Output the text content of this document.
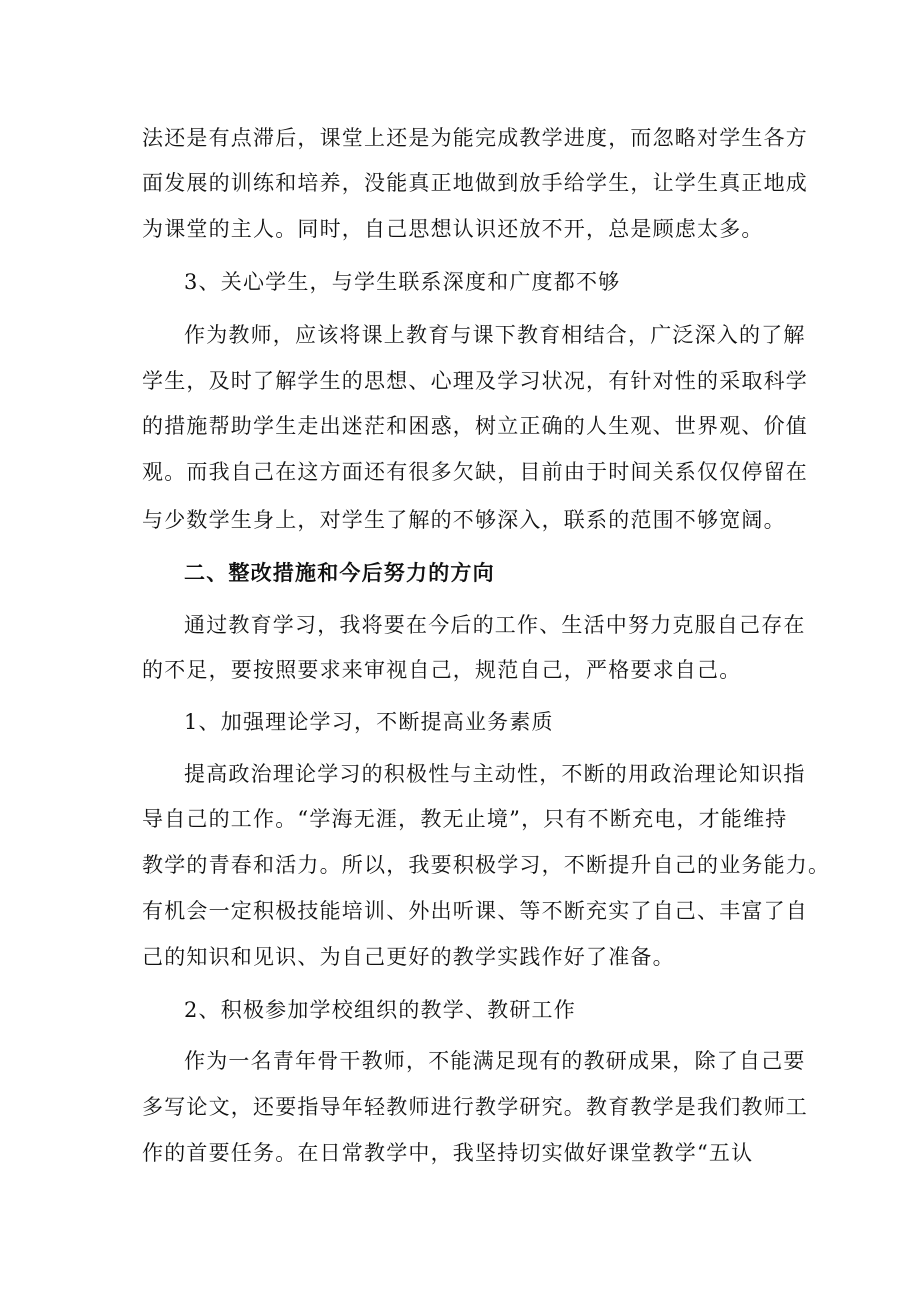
法还是有点滞后，课堂上还是为能完成教学进度，而忽略对学生各方
面发展的训练和培养，没能真正地做到放手给学生，让学生真正地成
为课堂的主人。同时，自己思想认识还放不开，总是顾虑太多。
3、关心学生，与学生联系深度和广度都不够
作为教师，应该将课上教育与课下教育相结合，广泛深入的了解
学生，及时了解学生的思想、心理及学习状况，有针对性的采取科学
的措施帮助学生走出迷茫和困惑，树立正确的人生观、世界观、价值
观。而我自己在这方面还有很多欠缺，目前由于时间关系仅仅停留在
与少数学生身上，对学生了解的不够深入，联系的范围不够宽阔。
二、整改措施和今后努力的方向
通过教育学习，我将要在今后的工作、生活中努力克服自己存在
的不足，要按照要求来审视自己，规范自己，严格要求自己。
1、加强理论学习，不断提高业务素质
提高政治理论学习的积极性与主动性，不断的用政治理论知识指
导自己的工作。“学海无涯，教无止境”，只有不断充电，才能维持
教学的青春和活力。所以，我要积极学习，不断提升自己的业务能力。
有机会一定积极技能培训、外出听课、等不断充实了自己、丰富了自
己的知识和见识、为自己更好的教学实践作好了准备。
2、积极参加学校组织的教学、教研工作
作为一名青年骨干教师，不能满足现有的教研成果，除了自己要
多写论文，还要指导年轻教师进行教学研究。教育教学是我们教师工
作的首要任务。在日常教学中，我坚持切实做好课堂教学“五认
